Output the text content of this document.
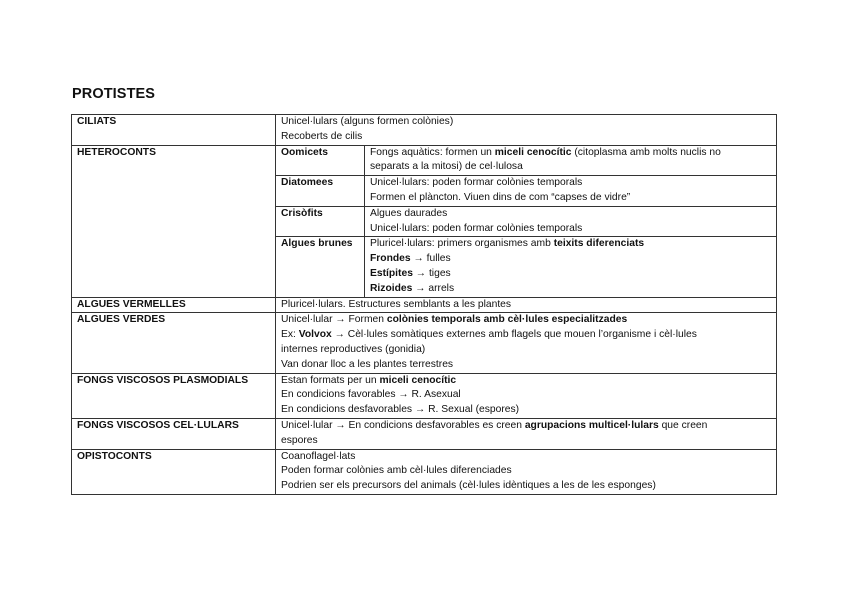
PROTISTES
CILIATS	Unicel·lulars (alguns formen colònies)
Recoberts de cilis	

HETEROCONTS	Oomicets	Fongs aquàtics: formen un miceli cenocític (citoplasma amb molts nuclis no
separats a la mitosi) de cel·lulosa

	Diatomees	Unicel·lulars: poden formar colònies temporals
Formen el plàncton. Viuen dins de com “capses de vidre”

	Crisòfits	Algues daurades
Unicel·lulars: poden formar colònies temporals

	Algues brunes	Pluricel·lulars: primers organismes amb teixits diferenciats
Frondes → fulles
Estípites → tiges
Rizoides → arrels

ALGUES VERMELLES	Pluricel·lulars. Estructures semblants a les plantes	

ALGUES VERDES	Unicel·lular → Formen colònies temporals amb cèl·lules especialitzades
Ex: Volvox → Cèl·lules somàtiques externes amb flagels que mouen l’organisme i cèl·lules
internes reproductives (gonidia)
Van donar lloc a les plantes terrestres	

FONGS VISCOSOS PLASMODIALS	Estan formats per un miceli cenocític
En condicions favorables → R. Asexual
En condicions desfavorables → R. Sexual (espores)	

FONGS VISCOSOS CEL·LULARS	Unicel·lular → En condicions desfavorables es creen agrupacions multicel·lulars que creen
espores	

OPISTOCONTS	Coanoflagel·lats
Poden formar colònies amb cèl·lules diferenciades
Podrien ser els precursors del animals (cèl·lules idèntiques a les de les esponges)	
